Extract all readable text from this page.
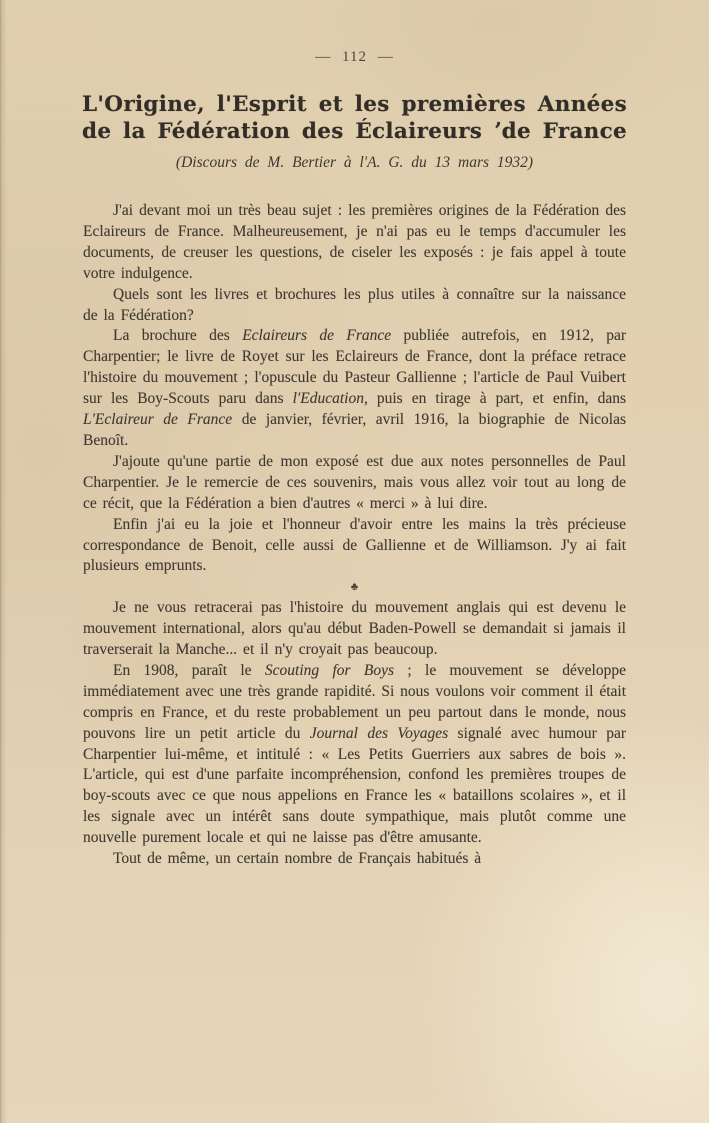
— 112 —
L'Origine, l'Esprit et les premières Années
de la Fédération des Éclaireurs ʼde France
(Discours de M. Bertier à l'A. G. du 13 mars 1932)

J'ai devant moi un très beau sujet : les premières origines de la Fédération des Eclaireurs de France. Malheureusement, je n'ai pas eu le temps d'accumuler les documents, de creuser les questions, de ciseler les exposés : je fais appel à toute votre indulgence.

Quels sont les livres et brochures les plus utiles à connaître sur la naissance de la Fédération?

La brochure des Eclaireurs de France publiée autrefois, en 1912, par Charpentier; le livre de Royet sur les Eclaireurs de France, dont la préface retrace l'histoire du mouvement ; l'opuscule du Pasteur Gallienne ; l'article de Paul Vuibert sur les Boy-Scouts paru dans l'Education, puis en tirage à part, et enfin, dans L'Eclaireur de France de janvier, février, avril 1916, la biographie de Nicolas Benoît.

J'ajoute qu'une partie de mon exposé est due aux notes personnelles de Paul Charpentier. Je le remercie de ces souvenirs, mais vous allez voir tout au long de ce récit, que la Fédération a bien d'autres « merci » à lui dire.

Enfin j'ai eu la joie et l'honneur d'avoir entre les mains la très précieuse correspondance de Benoit, celle aussi de Gallienne et de Williamson. J'y ai fait plusieurs emprunts.

♣

Je ne vous retracerai pas l'histoire du mouvement anglais qui est devenu le mouvement international, alors qu'au début Baden-Powell se demandait si jamais il traverserait la Manche... et il n'y croyait pas beaucoup.

En 1908, paraît le Scouting for Boys ; le mouvement se développe immédiatement avec une très grande rapidité. Si nous voulons voir comment il était compris en France, et du reste probablement un peu partout dans le monde, nous pouvons lire un petit article du Journal des Voyages signalé avec humour par Charpentier lui-même, et intitulé : « Les Petits Guerriers aux sabres de bois ». L'article, qui est d'une parfaite incompréhension, confond les premières troupes de boy-scouts avec ce que nous appelions en France les « bataillons scolaires », et il les signale avec un intérêt sans doute sympathique, mais plutôt comme une nouvelle purement locale et qui ne laisse pas d'être amusante.

Tout de même, un certain nombre de Français habitués à
